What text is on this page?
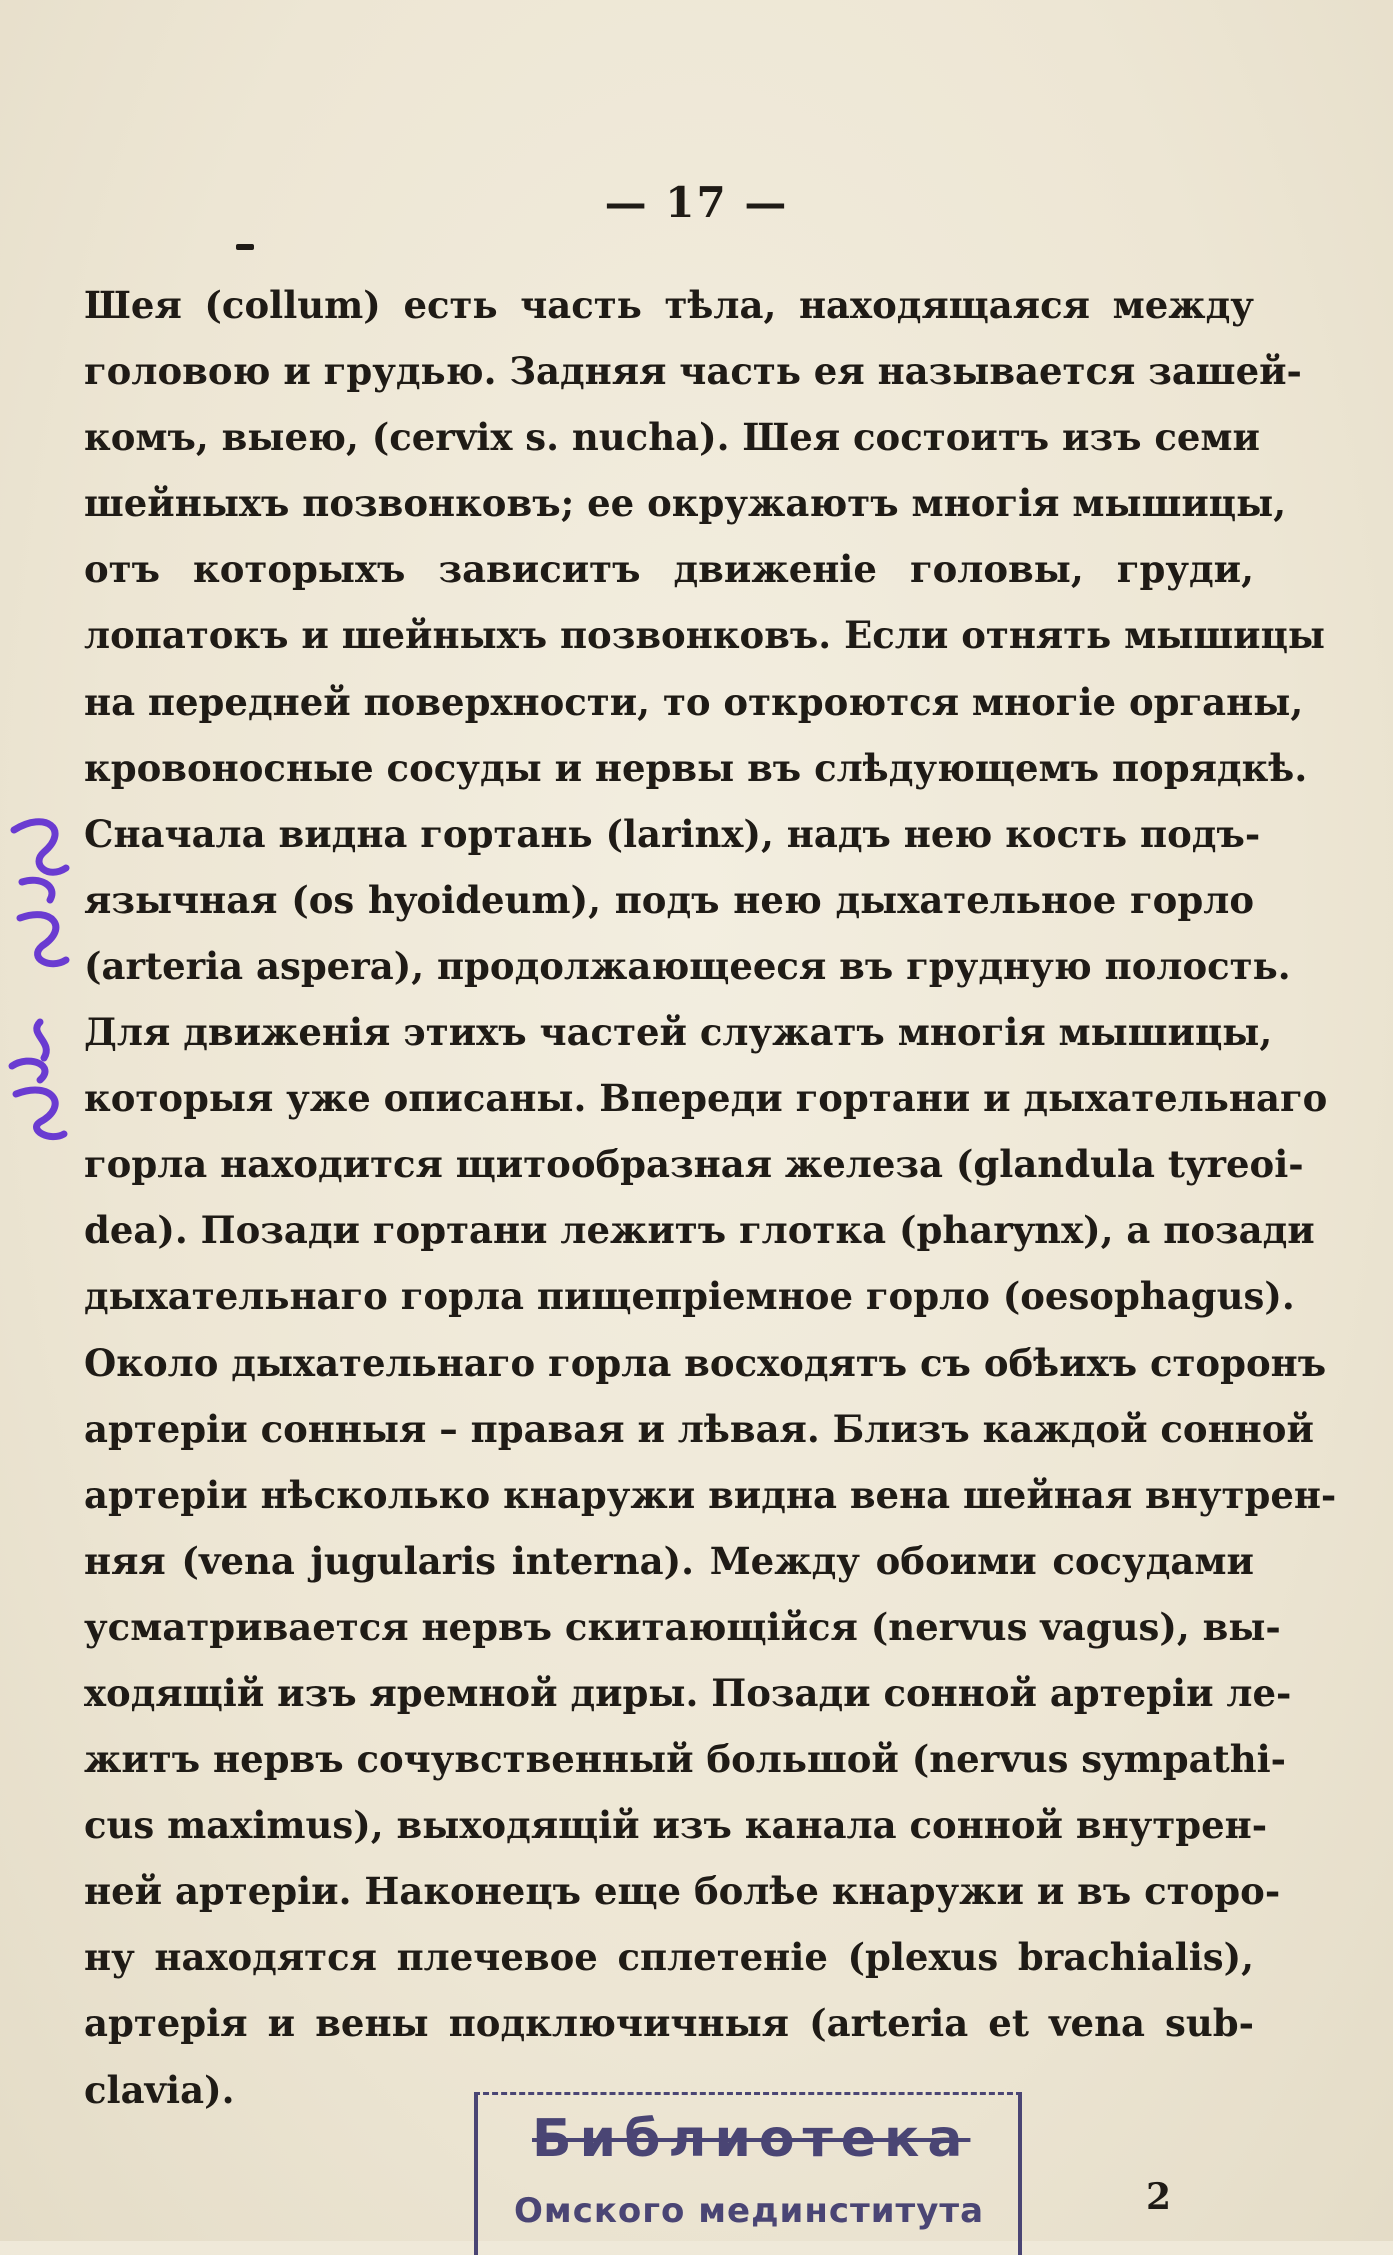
— 17 —
Шея (collum) есть часть тѣла, находящаяся между
головою и грудью. Задняя часть ея называется зашей-
комъ, выею, (cervix s. nucha). Шея состоитъ изъ семи
шейныхъ позвонковъ; ее окружаютъ многія мышицы,
отъ которыхъ зависитъ движеніе головы, груди,
лопатокъ и шейныхъ позвонковъ. Если отнять мышицы
на передней поверхности, то откроются многіе органы,
кровоносные сосуды и нервы въ слѣдующемъ порядкѣ.
Сначала видна гортань (larinx), надъ нею кость подъ-
язычная (os hyoideum), подъ нею дыхательное горло
(arteria aspera), продолжающееся въ грудную полость.
Для движенія этихъ частей служатъ многія мышицы,
которыя уже описаны. Впереди гортани и дыхательнаго
горла находится щитообразная железа (glandula tyreoi-
dea). Позади гортани лежитъ глотка (pharynx), а позади
дыхательнаго горла пищепріемное горло (oesophagus).
Около дыхательнаго горла восходятъ съ обѣихъ сторонъ
артеріи сонныя – правая и лѣвая. Близъ каждой сонной
артеріи нѣсколько кнаружи видна вена шейная внутрен-
няя (vena jugularis interna). Между обоими сосудами
усматривается нервъ скитающійся (nervus vagus), вы-
ходящій изъ яремной диры. Позади сонной артеріи ле-
житъ нервъ сочувственный большой (nervus sympathi-
cus maximus), выходящій изъ канала сонной внутрен-
ней артеріи. Наконецъ еще болѣе кнаружи и въ сторо-
ну находятся плечевое сплетеніе (plexus brachialis),
артерія и вены подключичныя (arteria et vena sub-
clavia).
Библиотека
Омского мединститута	2
